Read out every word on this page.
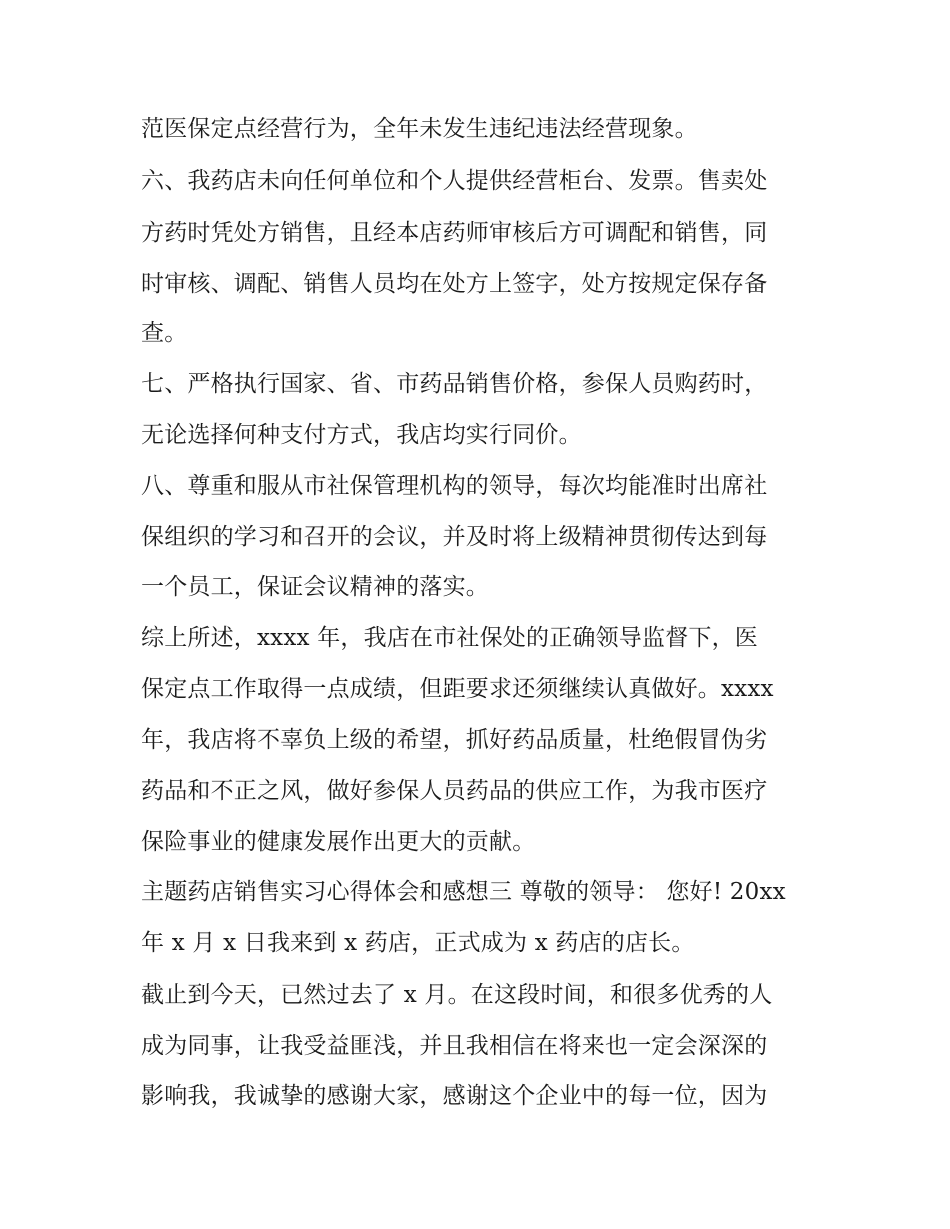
范医保定点经营行为，全年未发生违纪违法经营现象。
六、我药店未向任何单位和个人提供经营柜台、发票。售卖处
方药时凭处方销售，且经本店药师审核后方可调配和销售，同
时审核、调配、销售人员均在处方上签字，处方按规定保存备
查。
七、严格执行国家、省、市药品销售价格，参保人员购药时，
无论选择何种支付方式，我店均实行同价。
八、尊重和服从市社保管理机构的领导，每次均能准时出席社
保组织的学习和召开的会议，并及时将上级精神贯彻传达到每
一个员工，保证会议精神的落实。
综上所述，xxxx 年，我店在市社保处的正确领导监督下，医
保定点工作取得一点成绩，但距要求还须继续认真做好。xxxx
年，我店将不辜负上级的希望，抓好药品质量，杜绝假冒伪劣
药品和不正之风，做好参保人员药品的供应工作，为我市医疗
保险事业的健康发展作出更大的贡献。
主题药店销售实习心得体会和感想三 尊敬的领导： 您好! 20xx
年 x 月 x 日我来到 x 药店，正式成为 x 药店的店长。
截止到今天，已然过去了 x 月。在这段时间，和很多优秀的人
成为同事，让我受益匪浅，并且我相信在将来也一定会深深的
影响我，我诚挚的感谢大家，感谢这个企业中的每一位，因为
